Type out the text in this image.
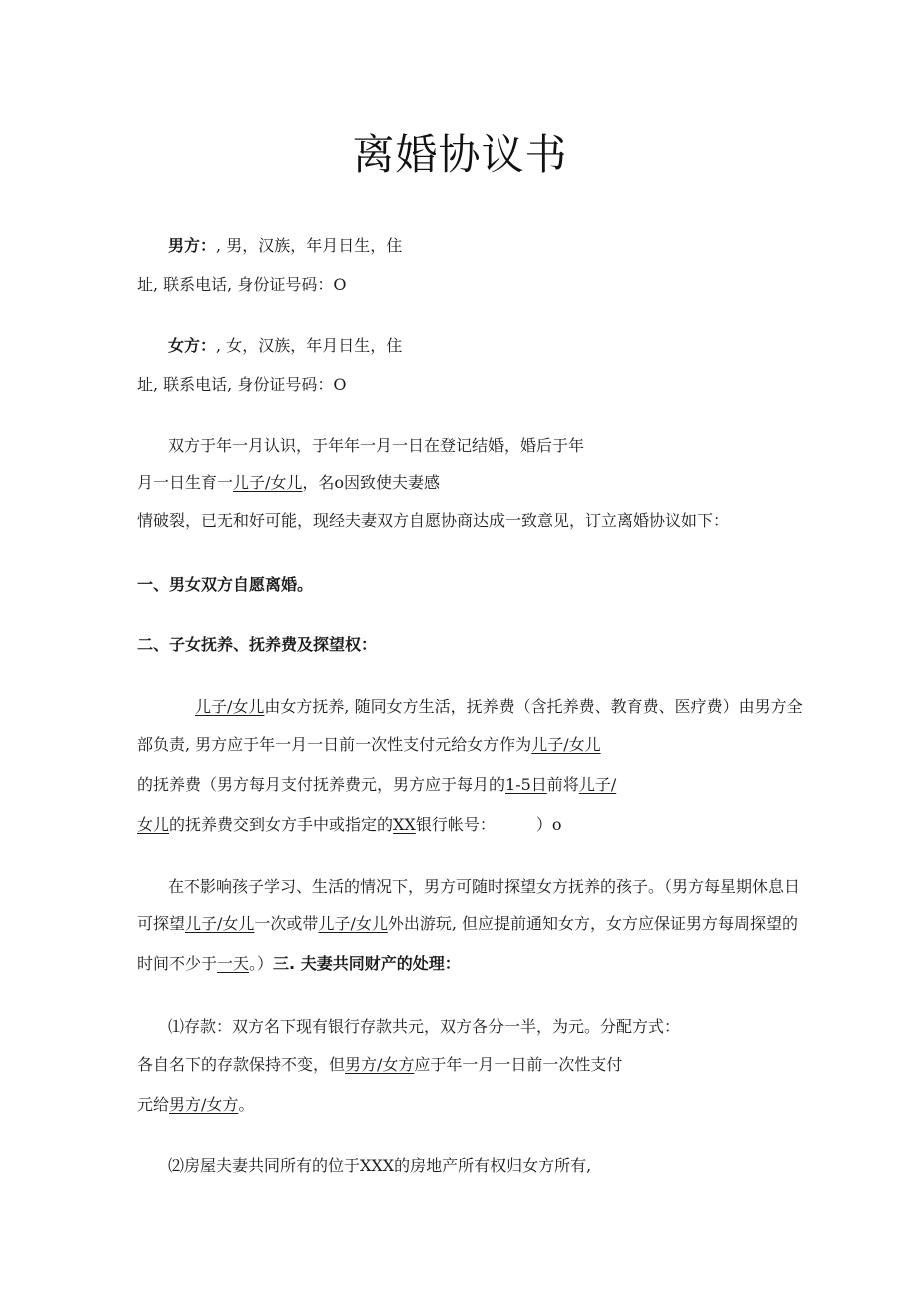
离婚协议书
男方：, 男，汉族，年月日生，住
址, 联系电话, 身份证号码：O
女方：, 女，汉族，年月日生，住
址, 联系电话, 身份证号码：O
双方于年一月认识，于年年一月一日在登记结婚，婚后于年
月一日生育一儿子/女儿，名o因致使夫妻感
情破裂，已无和好可能，现经夫妻双方自愿协商达成一致意见，订立离婚协议如下：
一、男女双方自愿离婚。
二、子女抚养、抚养费及探望权：
儿子/女儿由女方抚养, 随同女方生活，抚养费（含托养费、教育费、医疗费）由男方全
部负责, 男方应于年一月一日前一次性支付元给女方作为儿子/女儿
的抚养费（男方每月支付抚养费元，男方应于每月的1-5日前将儿子/
女儿的抚养费交到女方手中或指定的XX银行帐号：　　　）o
在不影响孩子学习、生活的情况下，男方可随时探望女方抚养的孩子。（男方每星期休息日
可探望儿子/女儿一次或带儿子/女儿外出游玩, 但应提前通知女方，女方应保证男方每周探望的
时间不少于一天。）三. 夫妻共同财产的处理：
⑴存款：双方名下现有银行存款共元，双方各分一半，为元。分配方式：
各自名下的存款保持不变，但男方/女方应于年一月一日前一次性支付
元给男方/女方。
⑵房屋夫妻共同所有的位于XXX的房地产所有权归女方所有,
